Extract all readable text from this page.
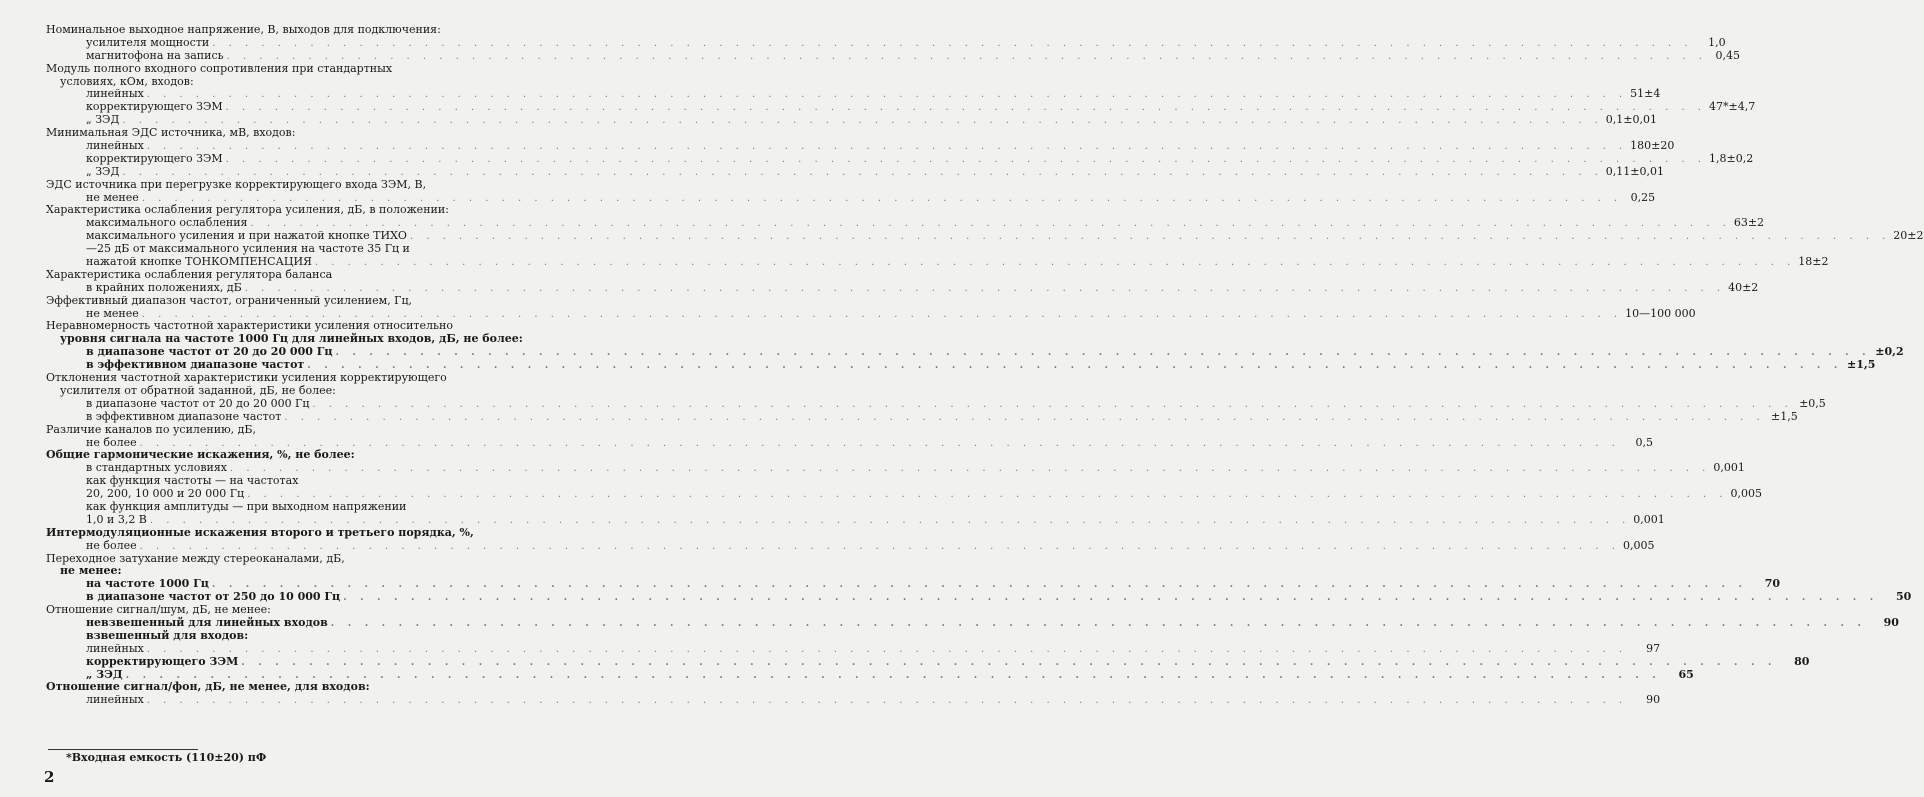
Номинальное выходное напряжение, В, выходов для подключения:
усилителя мощности . . .	1,0
магнитофона на запись . . .	0,45
Модуль полного входного сопротивления при стандартных
условиях, кОм, входов:
линейных . . .	51±4
корректирующего ЗЭМ . . .	47*±4,7
„ ЗЭД . . .	0,1±0,01
Минимальная ЭДС источника, мВ, входов:
линейных . . .	180±20
корректирующего ЗЭМ . . .	1,8±0,2
„ ЗЭД . . .	0,11±0,01
ЭДС источника при перегрузке корректирующего входа ЗЭМ, В,
не менее . . .	0,25
Характеристика ослабления регулятора усиления, дБ, в положении:
максимального ослабления . . .	63±2
максимального усиления и при нажатой кнопке ТИХО . . .	20±2
—25 дБ от максимального усиления на частоте 35 Гц и
нажатой кнопке ТОНКОМПЕНСАЦИЯ . . .	18±2
Характеристика ослабления регулятора баланса
в крайних положениях, дБ . . .	40±2
Эффективный диапазон частот, ограниченный усилением, Гц,
не менее . . .	10—100 000
Неравномерность частотной характеристики усиления относительно
уровня сигнала на частоте 1000 Гц для линейных входов, дБ, не более:
в диапазоне частот от 20 до 20 000 Гц . . .	±0,2
в эффективном диапазоне частот . . .	±1,5
Отклонения частотной характеристики усиления корректирующего
усилителя от обратной заданной, дБ, не более:
в диапазоне частот от 20 до 20 000 Гц . . .	±0,5
в эффективном диапазоне частот . . .	±1,5
Различие каналов по усилению, дБ,
не более . . .	0,5
Общие гармонические искажения, %, не более:
в стандартных условиях . . .	0,001
как функция частоты — на частотах
20, 200, 10 000 и 20 000 Гц . . .	0,005
как функция амплитуды — при выходном напряжении
1,0 и 3,2 В . . .	0,001
Интермодуляционные искажения второго и третьего порядка, %,
не более . . .	0,005
Переходное затухание между стереоканалами, дБ,
не менее:
на частоте 1000 Гц . . .	70
в диапазоне частот от 250 до 10 000 Гц . . .	50
Отношение сигнал/шум, дБ, не менее:
невзвешенный для линейных входов . . .	90
взвешенный для входов:
линейных . . .	97
корректирующего ЗЭМ . . .	80
„ ЗЭД . . .	65
Отношение сигнал/фон, дБ, не менее, для входов:
линейных . . .	90
*Входная емкость (110±20) пФ
2
